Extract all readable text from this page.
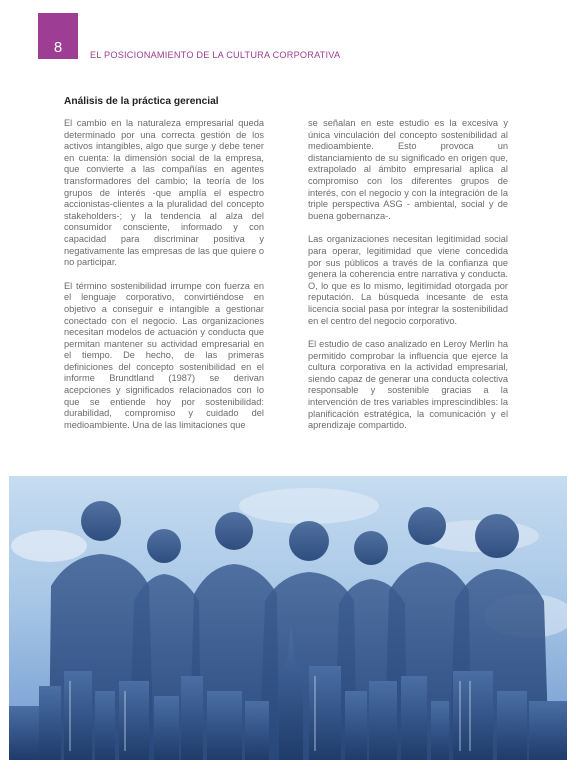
8	EL POSICIONAMIENTO DE LA CULTURA CORPORATIVA
Análisis de la práctica gerencial

El cambio en la naturaleza empresarial queda determinado por una correcta gestión de los activos intangibles, algo que surge y debe tener en cuenta: la dimensión social de la empresa, que convierte a las compañías en agentes transformadores del cambio; la teoría de los grupos de interés -que amplía el espectro accionistas-clientes a la pluralidad del concepto stakeholders-; y la tendencia al alza del consumidor consciente, informado y con capacidad para discriminar positiva y negativamente las empresas de las que quiere o no participar.

El término sostenibilidad irrumpe con fuerza en el lenguaje corporativo, convirtiéndose en objetivo a conseguir e intangible a gestionar conectado con el negocio. Las organizaciones necesitan modelos de actuación y conducta que permitan mantener su actividad empresarial en el tiempo. De hecho, de las primeras definiciones del concepto sostenibilidad en el informe Brundtland (1987) se derivan acepciones y significados relacionados con lo que se entiende hoy por sostenibilidad: durabilidad, compromiso y cuidado del medioambiente. Una de las limitaciones que

se señalan en este estudio es la excesiva y única vinculación del concepto sostenibilidad al medioambiente. Esto provoca un distanciamiento de su significado en origen que, extrapolado al ámbito empresarial aplica al compromiso con los diferentes grupos de interés, con el negocio y con la integración de la triple perspectiva ASG - ambiental, social y de buena gobernanza-.

Las organizaciones necesitan legitimidad social para operar, legitimidad que viene concedida por sus públicos a través de la confianza que genera la coherencia entre narrativa y conducta. O, lo que es lo mismo, legitimidad otorgada por reputación. La búsqueda incesante de esta licencia social pasa por integrar la sostenibilidad en el centro del negocio corporativo.

El estudio de caso analizado en Leroy Merlin ha permitido comprobar la influencia que ejerce la cultura corporativa en la actividad empresarial, siendo capaz de generar una conducta colectiva responsable y sostenible gracias a la intervención de tres variables imprescindibles: la planificación estratégica, la comunicación y el aprendizaje compartido.
